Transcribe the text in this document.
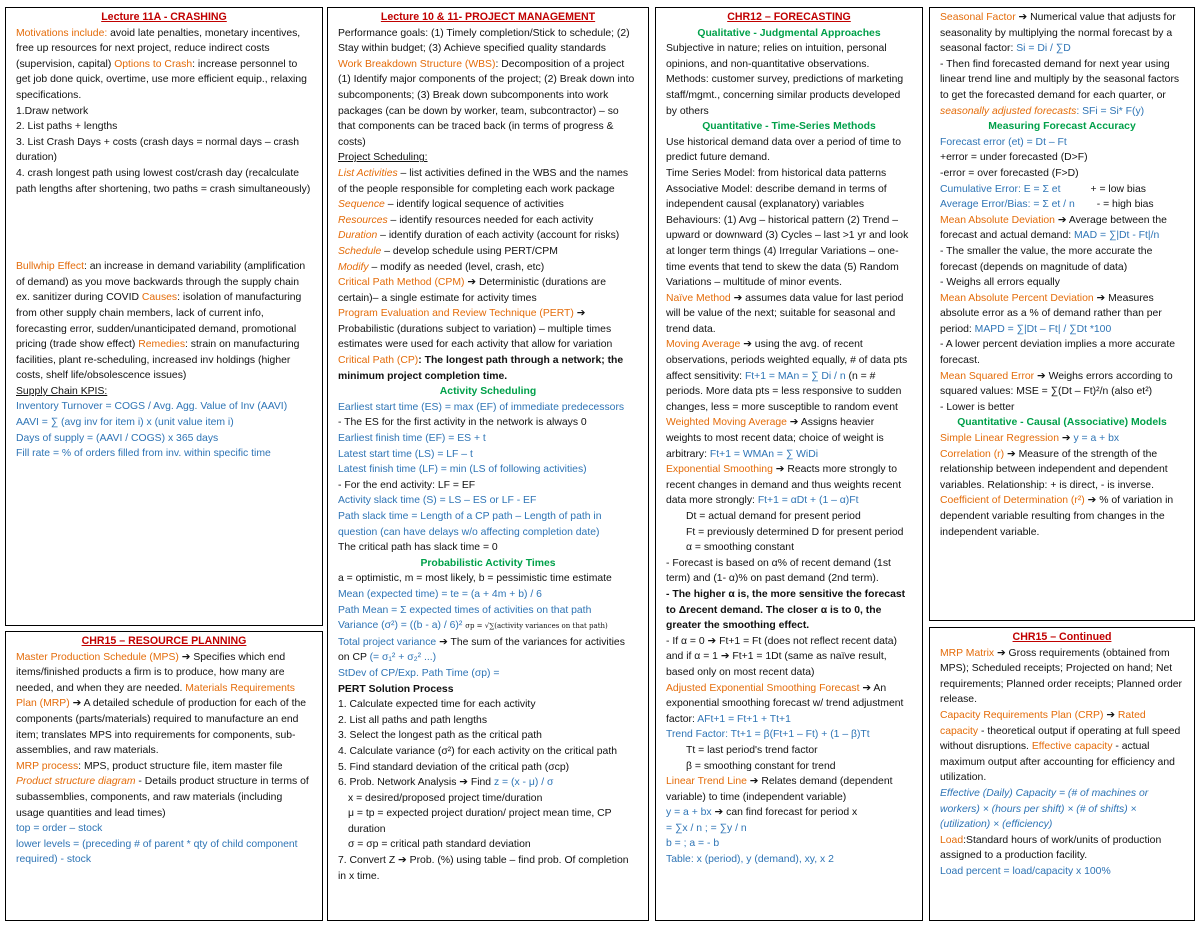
Lecture 11A - CRASHING

Motivations include: avoid late penalties, monetary incentives, free up resources for next project, reduce indirect costs (supervision, capital) Options to Crash: increase personnel to get job done quick, overtime, use more efficient equip., relaxing specifications.

1.Draw network

2. List paths + lengths

3. List Crash Days + costs (crash days = normal days – crash duration)

4. crash longest path using lowest cost/crash day (recalculate path lengths after shortening, two paths = crash simultaneously)

Bullwhip Effect: an increase in demand variability (amplification of demand) as you move backwards through the supply chain ex. sanitizer during COVID Causes: isolation of manufacturing from other supply chain members, lack of current info, forecasting error, sudden/unanticipated demand, promotional pricing (trade show effect) Remedies: strain on manufacturing facilities, plant re-scheduling, increased inv holdings (higher costs, shelf life/obsolescence issues)

Supply Chain KPIS:

Inventory Turnover = COGS / Avg. Agg. Value of Inv (AAVI)

AAVI = ∑ (avg inv for item i) x (unit value item i)

Days of supply = (AAVI / COGS) x 365 days

Fill rate = % of orders filled from inv. within specific time

CHR15 – RESOURCE PLANNING

Master Production Schedule (MPS) ➔ Specifies which end items/finished products a firm is to produce, how many are needed, and when they are needed. Materials Requirements Plan (MRP) ➔ A detailed schedule of production for each of the components (parts/materials) required to manufacture an end item; translates MPS into requirements for components, sub-assemblies, and raw materials.

MRP process: MPS, product structure file, item master file

Product structure diagram - Details product structure in terms of subassemblies, components, and raw materials (including usage quantities and lead times)

top = order – stock

lower levels = (preceding # of parent * qty of child component required) - stock

Lecture 10 & 11- PROJECT MANAGEMENT

Performance goals: (1) Timely completion/Stick to schedule; (2) Stay within budget; (3) Achieve specified quality standards

Work Breakdown Structure (WBS): Decomposition of a project (1) Identify major components of the project; (2) Break down into subcomponents; (3) Break down subcomponents into work packages (can be down by worker, team, subcontractor) – so that components can be traced back (in terms of progress & costs)

Project Scheduling:

List Activities – list activities defined in the WBS and the names of the people responsible for completing each work package

Sequence – identify logical sequence of activities

Resources – identify resources needed for each activity

Duration – identify duration of each activity (account for risks)

Schedule – develop schedule using PERT/CPM

Modify – modify as needed (level, crash, etc)

Critical Path Method (CPM) ➔ Deterministic (durations are certain)– a single estimate for activity times

Program Evaluation and Review Technique (PERT) ➔ Probabilistic (durations subject to variation) – multiple times estimates were used for each activity that allow for variation Critical Path (CP): The longest path through a network; the minimum project completion time.

Activity Scheduling

Earliest start time (ES) = max (EF) of immediate predecessors

- The ES for the first activity in the network is always 0

Earliest finish time (EF) = ES + t

Latest start time (LS) = LF – t

Latest finish time (LF) = min (LS of following activities)

- For the end activity: LF = EF

Activity slack time (S) = LS – ES or LF - EF

Path slack time = Length of a CP path – Length of path in question (can have delays w/o affecting completion date)

The critical path has slack time = 0

Probabilistic Activity Times

a = optimistic, m = most likely, b = pessimistic time estimate

Mean (expected time) = te = (a + 4m + b) / 6

Path Mean = Σ expected times of activities on that path

Variance (σ²) = ((b - a) / 6)² σp = √∑(activity variances on that path)

Total project variance ➔ The sum of the variances for activities on CP (= σ₁² + σ₂² ...)

StDev of CP/Exp. Path Time (σp) =

PERT Solution Process

1. Calculate expected time for each activity

2. List all paths and path lengths

3. Select the longest path as the critical path

4. Calculate variance (σ²) for each activity on the critical path

5. Find standard deviation of the critical path (σcp)

6. Prob. Network Analysis ➔ Find z = (x - μ) / σ

x = desired/proposed project time/duration

μ = tp = expected project duration/ project mean time, CP duration

σ = σp = critical path standard deviation

7. Convert Z ➔ Prob. (%) using table – find prob. Of completion in x time.

CHR12 – FORECASTING

Qualitative - Judgmental Approaches

Subjective in nature; relies on intuition, personal opinions, and non-quantitative observations.

Methods: customer survey, predictions of marketing staff/mgmt., concerning similar products developed by others

Quantitative - Time-Series Methods

Use historical demand data over a period of time to predict future demand.

Time Series Model: from historical data patterns

Associative Model: describe demand in terms of independent causal (explanatory) variables

Behaviours: (1) Avg – historical pattern (2) Trend – upward or downward (3) Cycles – last >1 yr and look at longer term things (4) Irregular Variations – one-time events that tend to skew the data (5) Random Variations – multitude of minor events.

Naïve Method ➔ assumes data value for last period will be value of the next; suitable for seasonal and trend data.

Moving Average ➔ using the avg. of recent observations, periods weighted equally, # of data pts affect sensitivity: Ft+1 = MAn = ∑ Di / n (n = # periods. More data pts = less responsive to sudden changes, less = more susceptible to random event

Weighted Moving Average ➔ Assigns heavier weights to most recent data; choice of weight is arbitrary: Ft+1 = WMAn = ∑ WiDi

Exponential Smoothing ➔ Reacts more strongly to recent changes in demand and thus weights recent data more strongly: Ft+1 = αDt + (1 – α)Ft

Dt = actual demand for present period

Ft = previously determined D for present period

α = smoothing constant

- Forecast is based on α% of recent demand (1st term) and (1- α)% on past demand (2nd term).

- The higher α is, the more sensitive the forecast to Δrecent demand. The closer α is to 0, the greater the smoothing effect.

- If α = 0 ➔ Ft+1 = Ft (does not reflect recent data) and if α = 1 ➔ Ft+1 = 1Dt (same as naïve result, based only on most recent data)

Adjusted Exponential Smoothing Forecast ➔ An exponential smoothing forecast w/ trend adjustment factor: AFt+1 = Ft+1 + Tt+1

Trend Factor: Tt+1 = β(Ft+1 – Ft) + (1 – β)Tt

Tt = last period's trend factor

β = smoothing constant for trend

Linear Trend Line ➔ Relates demand (dependent variable) to time (independent variable)

y = a + bx ➔ can find forecast for period x

= ∑x / n ; = ∑y / n

b = ; a = - b

Table: x (period), y (demand), xy, x 2

Seasonal Factor ➔ Numerical value that adjusts for seasonality by multiplying the normal forecast by a seasonal factor: Si = Di / ∑D

- Then find forecasted demand for next year using linear trend line and multiply by the seasonal factors to get the forecasted demand for each quarter, or seasonally adjusted forecasts: SFi = Si* F(y)

Measuring Forecast Accuracy

Forecast error (et) = Dt – Ft

+error = under forecasted (D>F)

-error = over forecasted (F>D)

Cumulative Error: E = Σ et	+ = low bias

Average Error/Bias: = Σ et / n - = high bias

Mean Absolute Deviation ➔ Average between the forecast and actual demand: MAD = ∑|Dt - Ft|/n

- The smaller the value, the more accurate the forecast (depends on magnitude of data)

- Weighs all errors equally

Mean Absolute Percent Deviation ➔ Measures absolute error as a % of demand rather than per period: MAPD = ∑|Dt – Ft| / ∑Dt *100

- A lower percent deviation implies a more accurate forecast.

Mean Squared Error ➔ Weighs errors according to squared values: MSE = ∑(Dt – Ft)²/n (also et²)

- Lower is better

Quantitative - Causal (Associative) Models

Simple Linear Regression ➔ y = a + bx

Correlation (r) ➔ Measure of the strength of the relationship between independent and dependent variables. Relationship: + is direct, - is inverse.

Coefficient of Determination (r²) ➔ % of variation in dependent variable resulting from changes in the independent variable.

CHR15 – Continued

MRP Matrix ➔ Gross requirements (obtained from MPS); Scheduled receipts; Projected on hand; Net requirements; Planned order receipts; Planned order release.

Capacity Requirements Plan (CRP) ➔ Rated capacity - theoretical output if operating at full speed without disruptions. Effective capacity - actual maximum output after accounting for efficiency and utilization.

Effective (Daily) Capacity = (# of machines or workers) × (hours per shift) × (# of shifts) × (utilization) × (efficiency)

Load:Standard hours of work/units of production assigned to a production facility.

Load percent = load/capacity x 100%
